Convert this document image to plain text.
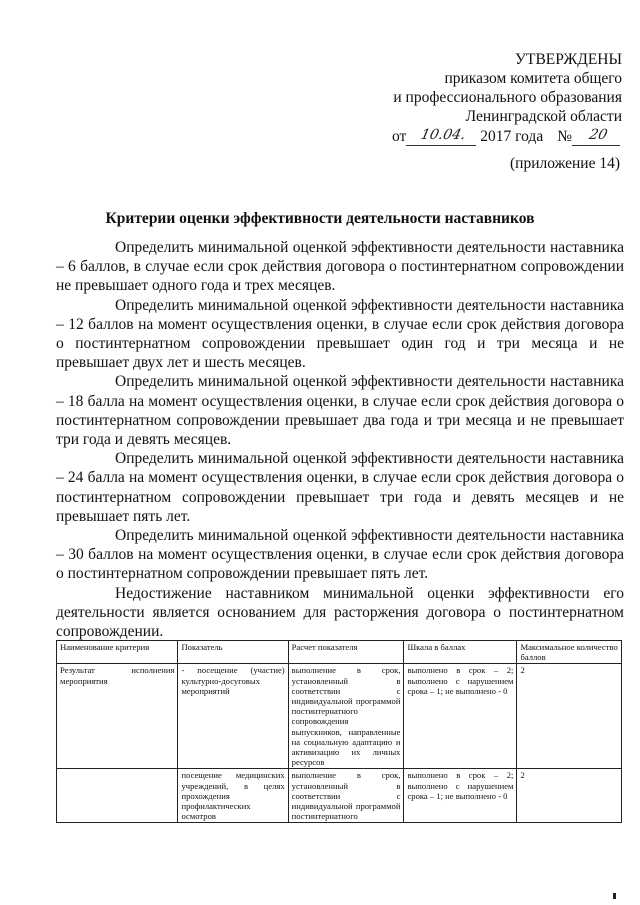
УТВЕРЖДЕНЫ
приказом комитета общего
и профессионального образования
Ленинградской области
от 10.04. 2017 года №	20
(приложение 14)
Критерии оценки эффективности деятельности наставников

Определить минимальной оценкой эффективности деятельности наставника – 6 баллов, в случае если срок действия договора о постинтернатном сопровождении не превышает одного года и трех месяцев.

Определить минимальной оценкой эффективности деятельности наставника – 12 баллов на момент осуществления оценки, в случае если срок действия договора о постинтернатном сопровождении превышает один год и три месяца и не превышает двух лет и шесть месяцев.

Определить минимальной оценкой эффективности деятельности наставника – 18 балла на момент осуществления оценки, в случае если срок действия договора о постинтернатном сопровождении превышает два года и три месяца и не превышает три года и девять месяцев.

Определить минимальной оценкой эффективности деятельности наставника – 24 балла на момент осуществления оценки, в случае если срок действия договора о постинтернатном сопровождении превышает три года и девять месяцев и не превышает пять лет.

Определить минимальной оценкой эффективности деятельности наставника – 30 баллов на момент осуществления оценки, в случае если срок действия договора о постинтернатном сопровождении превышает пять лет.

Недостижение наставником минимальной оценки эффективности его деятельности является основанием для расторжения договора о постинтернатном сопровождении.

Наименование критерия	Показатель	Расчет показателя	Шкала в баллах	Максимальное количество баллов
Результат исполнения мероприятия	- посещение (участие) культурно-досуговых мероприятий	выполнение в срок, установленный в соответствии с индивидуальной программой постинтернатного сопровождения выпускников, направленные на социальную адаптацию и активизацию их личных ресурсов	выполнено в срок – 2; выполнено с нарушением срока – 1; не выполнено - 0	2
	посещение медицинских учреждений, в целях прохождения профилактических осмотров	выполнение в срок, установленный в соответствии с индивидуальной программой постинтернатного	выполнено в срок – 2; выполнено с нарушением срока – 1; не выполнено - 0	2
